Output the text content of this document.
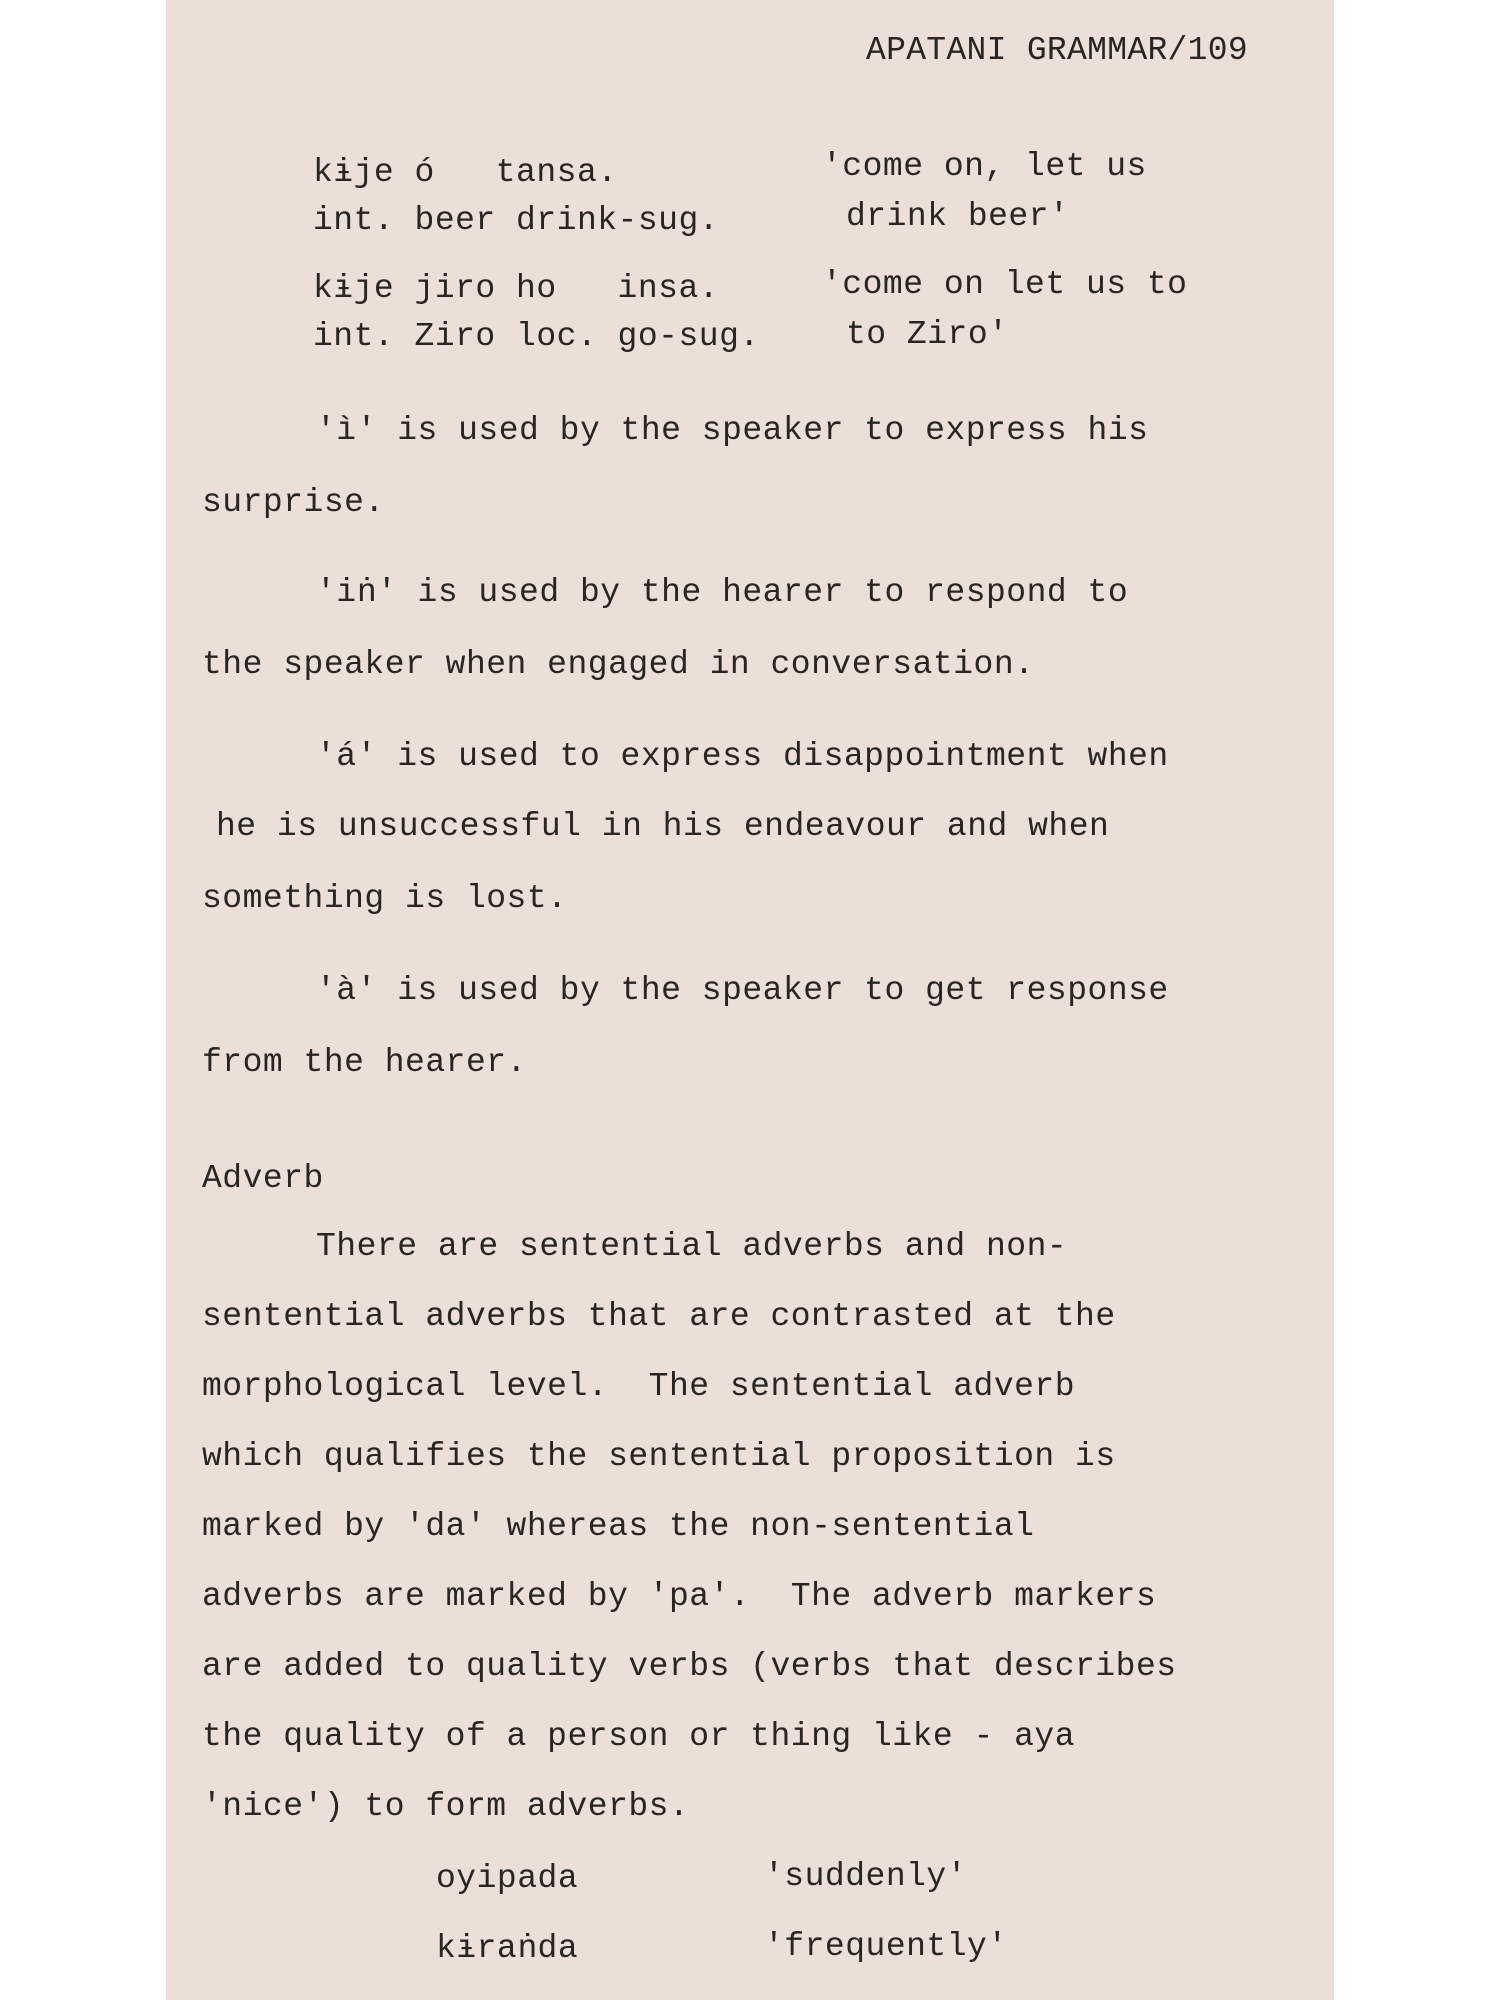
APATANI GRAMMAR/109
kɨje ó   tansa.	'come on, let us
int. beer drink-sug.	drink beer'
kɨje jiro ho   insa.	'come on let us to
int. Ziro loc. go-sug.	to Ziro'
'ì' is used by the speaker to express his
surprise.
'iṅ' is used by the hearer to respond to
the speaker when engaged in conversation.
'á' is used to express disappointment when
he is unsuccessful in his endeavour and when
something is lost.
'à' is used by the speaker to get response
from the hearer.
Adverb
There are sentential adverbs and non-
sentential adverbs that are contrasted at the
morphological level.  The sentential adverb
which qualifies the sentential proposition is
marked by 'da' whereas the non-sentential
adverbs are marked by 'pa'.  The adverb markers
are added to quality verbs (verbs that describes
the quality of a person or thing like - aya
'nice') to form adverbs.
oyipada	'suddenly'
kɨraṅda	'frequently'
